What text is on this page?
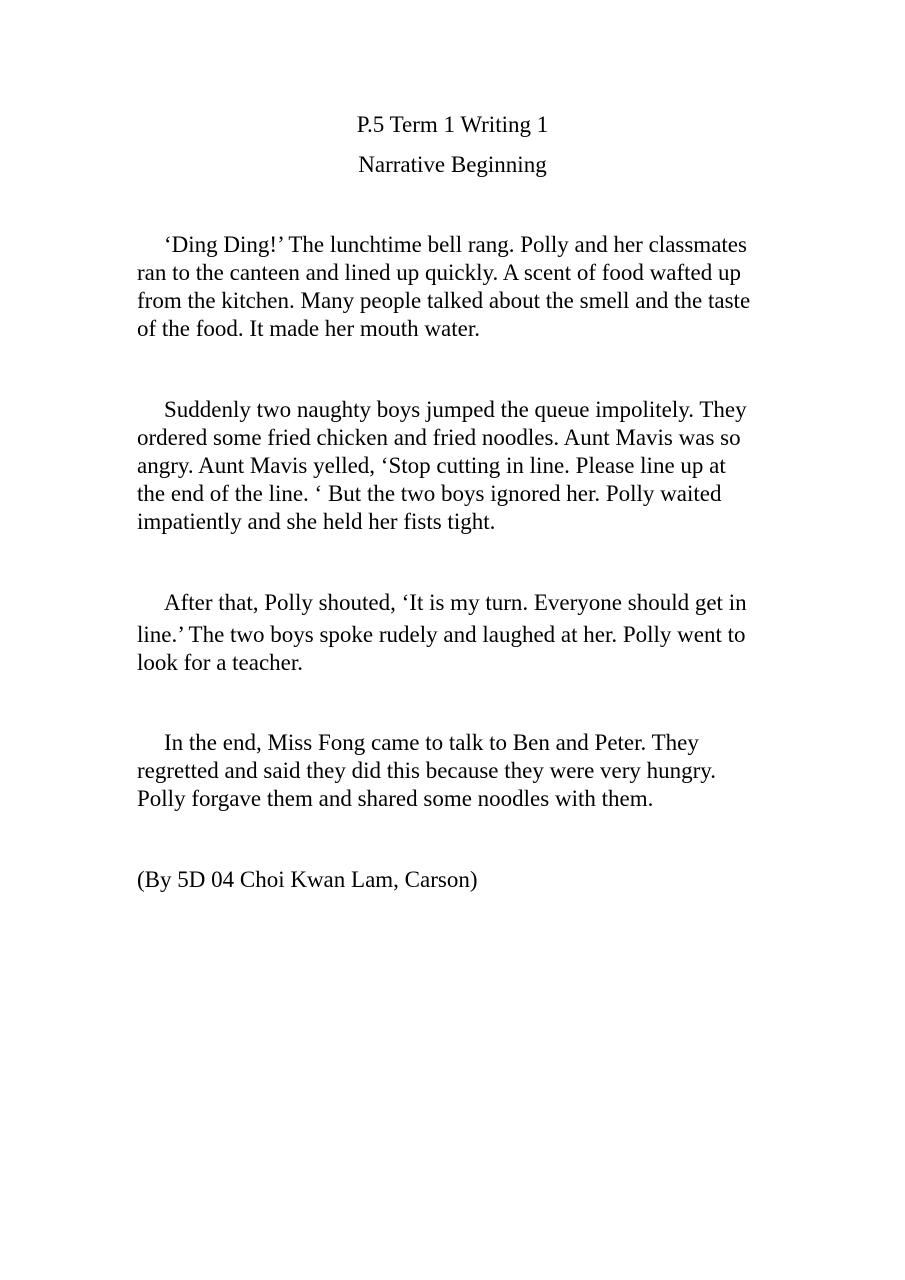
P.5 Term 1 Writing 1
Narrative Beginning

‘Ding Ding!’ The lunchtime bell rang. Polly and her classmates
ran to the canteen and lined up quickly. A scent of food wafted up
from the kitchen. Many people talked about the smell and the taste
of the food. It made her mouth water.

Suddenly two naughty boys jumped the queue impolitely. They
ordered some fried chicken and fried noodles. Aunt Mavis was so
angry. Aunt Mavis yelled, ‘Stop cutting in line. Please line up at
the end of the line. ‘ But the two boys ignored her. Polly waited
impatiently and she held her fists tight.

After that, Polly shouted, ‘It is my turn. Everyone should get in
line.’ The two boys spoke rudely and laughed at her. Polly went to
look for a teacher.

In the end, Miss Fong came to talk to Ben and Peter. They
regretted and said they did this because they were very hungry.
Polly forgave them and shared some noodles with them.

(By 5D 04 Choi Kwan Lam, Carson)
